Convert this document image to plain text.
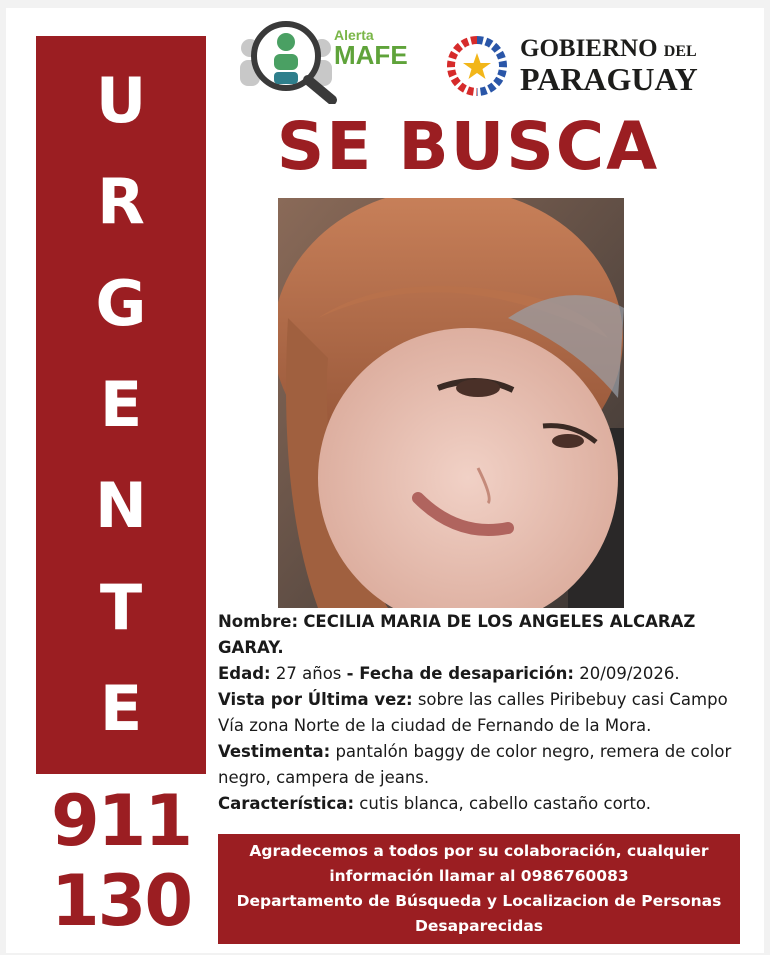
U
R
G
E
N
T
E
911
130
Alerta
MAFE	GOBIERNO DEL
PARAGUAY
SE BUSCA

Nombre: CECILIA MARIA DE LOS ANGELES ALCARAZ GARAY.

Edad: 27 años - Fecha de desaparición: 20/09/2026.

Vista por Última vez: sobre las calles Piribebuy casi Campo Vía zona Norte de la ciudad de Fernando de la Mora.

Vestimenta: pantalón baggy de color negro, remera de color negro, campera de jeans.

Característica: cutis blanca, cabello castaño corto.

Agradecemos a todos por su colaboración, cualquier
información llamar al 0986760083
Departamento de Búsqueda y Localizacion de Personas
Desaparecidas
